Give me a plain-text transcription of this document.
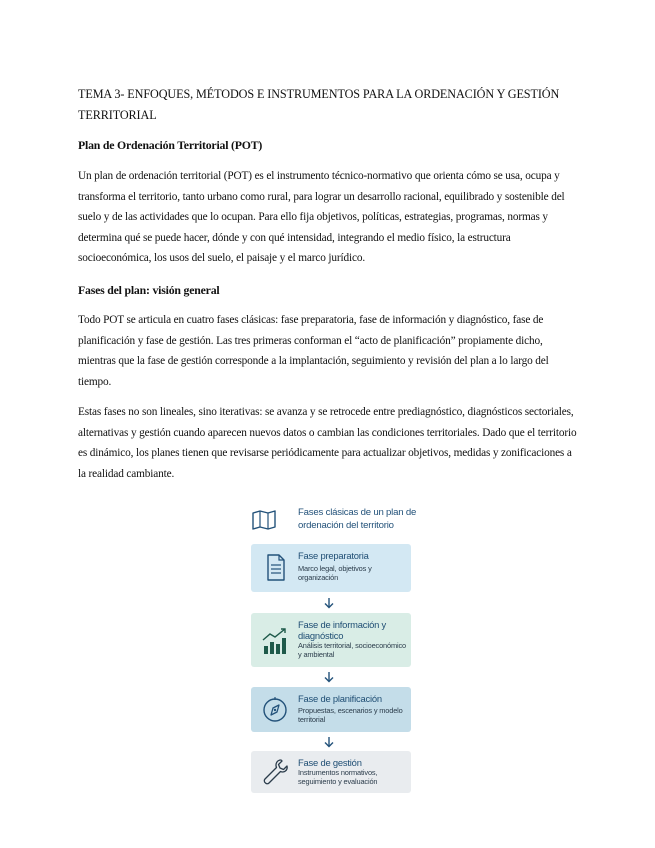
TEMA 3- ENFOQUES, MÉTODOS E INSTRUMENTOS PARA LA ORDENACIÓN Y GESTIÓN TERRITORIAL
Plan de Ordenación Territorial (POT)

Un plan de ordenación territorial (POT) es el instrumento técnico-normativo que orienta cómo se usa, ocupa y transforma el territorio, tanto urbano como rural, para lograr un desarrollo racional, equilibrado y sostenible del suelo y de las actividades que lo ocupan. Para ello fija objetivos, políticas, estrategias, programas, normas y determina qué se puede hacer, dónde y con qué intensidad, integrando el medio físico, la estructura socioeconómica, los usos del suelo, el paisaje y el marco jurídico.

Fases del plan: visión general

Todo POT se articula en cuatro fases clásicas: fase preparatoria, fase de información y diagnóstico, fase de planificación y fase de gestión. Las tres primeras conforman el “acto de planificación” propiamente dicho, mientras que la fase de gestión corresponde a la implantación, seguimiento y revisión del plan a lo largo del tiempo.

Estas fases no son lineales, sino iterativas: se avanza y se retrocede entre prediagnóstico, diagnósticos sectoriales, alternativas y gestión cuando aparecen nuevos datos o cambian las condiciones territoriales. Dado que el territorio es dinámico, los planes tienen que revisarse periódicamente para actualizar objetivos, medidas y zonificaciones a la realidad cambiante.

Fases clásicas de un plan de ordenación del territorio
Fase preparatoria
Marco legal, objetivos y organización
Fase de información y diagnóstico
Análisis territorial, socioeconómico y ambiental
Fase de planificación
Propuestas, escenarios y modelo territorial
Fase de gestión
Instrumentos normativos, seguimiento y evaluación
